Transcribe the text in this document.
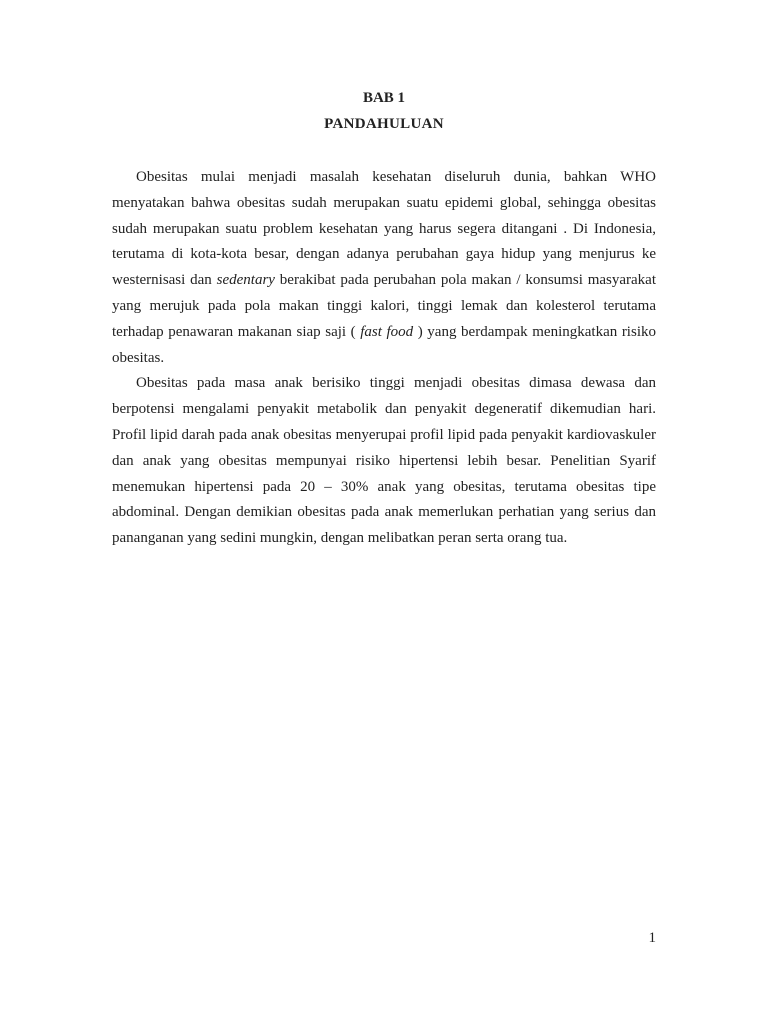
BAB 1
PANDAHULUAN

Obesitas mulai menjadi masalah kesehatan diseluruh dunia, bahkan WHO menyatakan bahwa obesitas sudah merupakan suatu epidemi global, sehingga obesitas sudah merupakan suatu problem kesehatan yang harus segera ditangani . Di Indonesia, terutama di kota-kota besar, dengan adanya perubahan gaya hidup yang menjurus ke westernisasi dan sedentary berakibat pada perubahan pola makan / konsumsi masyarakat yang merujuk pada pola makan tinggi kalori, tinggi lemak dan kolesterol terutama terhadap penawaran makanan siap saji ( fast food ) yang berdampak meningkatkan risiko obesitas.

Obesitas pada masa anak berisiko tinggi menjadi obesitas dimasa dewasa dan berpotensi mengalami penyakit metabolik dan penyakit degeneratif dikemudian hari. Profil lipid darah pada anak obesitas menyerupai profil lipid pada penyakit kardiovaskuler dan anak yang obesitas mempunyai risiko hipertensi lebih besar. Penelitian Syarif menemukan hipertensi pada 20 – 30% anak yang obesitas, terutama obesitas tipe abdominal. Dengan demikian obesitas pada anak memerlukan perhatian yang serius dan pananganan yang sedini mungkin, dengan melibatkan peran serta orang tua.

1
